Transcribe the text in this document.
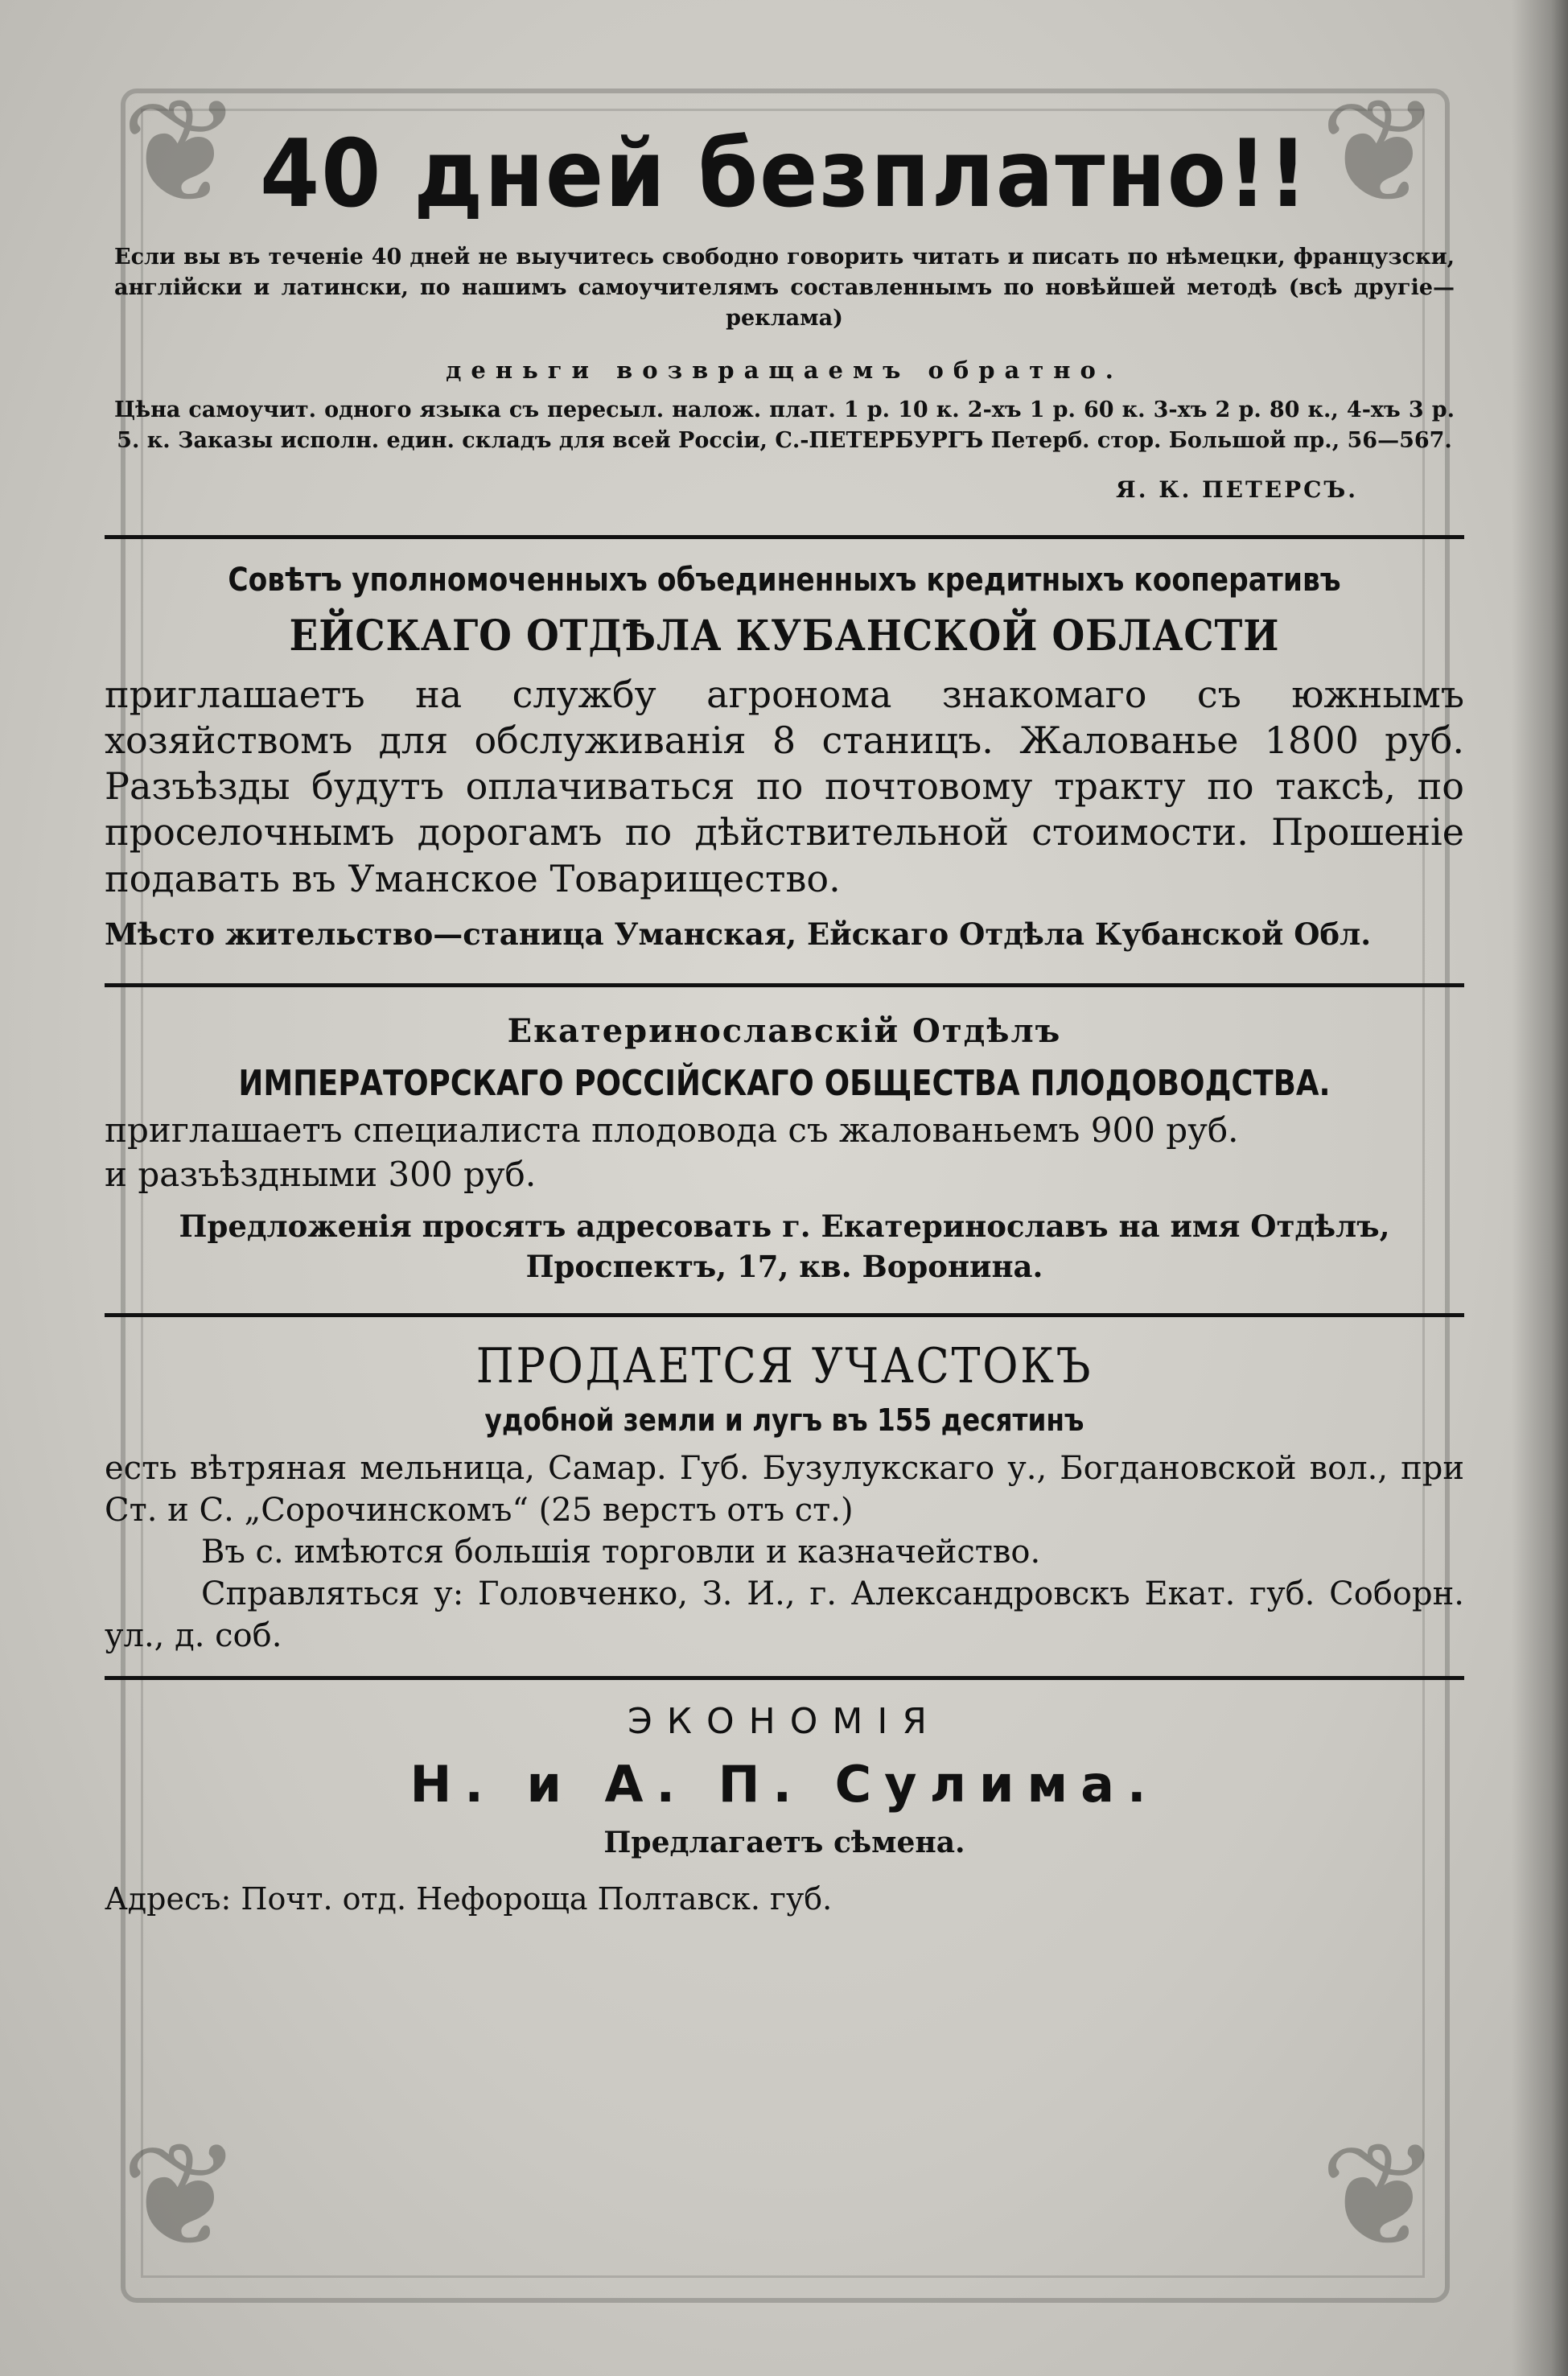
❦	❦
❦	❦
40 дней безплатно!!

Если вы въ теченіе 40 дней не выучитесь свободно говорить читать и писать по нѣмецки, французски, англійски и латински, по нашимъ самоучителямъ составленнымъ по новѣйшей методѣ (всѣ другіе—реклама)

деньги возвращаемъ обратно.

Цѣна самоучит. одного языка съ пересыл. налож. плат. 1 р. 10 к. 2-хъ 1 р. 60 к. 3-хъ 2 р. 80 к., 4-хъ 3 р. 5. к. Заказы исполн. един. складъ для всей Россіи, С.-ПЕТЕРБУРГЪ Петерб. стор. Большой пр., 56—567.

Я. К. ПЕТЕРСЪ.

Совѣтъ уполномоченныхъ объединенныхъ кредитныхъ кооперативъ

ЕЙСКАГО ОТДѢЛА КУБАНСКОЙ ОБЛАСТИ

приглашаетъ на службу агронома знакомаго съ южнымъ хозяйствомъ для обслуживанія 8 станицъ. Жалованье 1800 руб. Разъѣзды будутъ оплачиваться по почтовому тракту по таксѣ, по проселочнымъ дорогамъ по дѣйствительной стоимости. Прошеніе подавать въ Уманское Товарищество.

Мѣсто жительство—станица Уманская, Ейскаго Отдѣла Кубанской Обл.

Екатеринославскій Отдѣлъ

ИМПЕРАТОРСКАГО РОССІЙСКАГО ОБЩЕСТВА ПЛОДОВОДСТВА.

приглашаетъ специалиста плодовода съ жалованьемъ 900 руб.

и разъѣздными 300 руб.

Предложенія просятъ адресовать г. Екатеринославъ на имя Отдѣлъ,

Проспектъ, 17, кв. Воронина.

ПРОДАЕТСЯ УЧАСТОКЪ

удобной земли и лугъ въ 155 десятинъ

есть вѣтряная мельница, Самар. Губ. Бузулукскаго у., Богдановской вол., при Ст. и С. „Сорочинскомъ“ (25 верстъ отъ ст.)

Въ с. имѣются большія торговли и казначейство.

Справляться у: Головченко, З. И., г. Александровскъ Екат. губ. Соборн. ул., д. соб.

ЭКОНОМІЯ

Н. и А. П. Сулима.

Предлагаетъ сѣмена.

Адресъ: Почт. отд. Нефороща Полтавск. губ.
